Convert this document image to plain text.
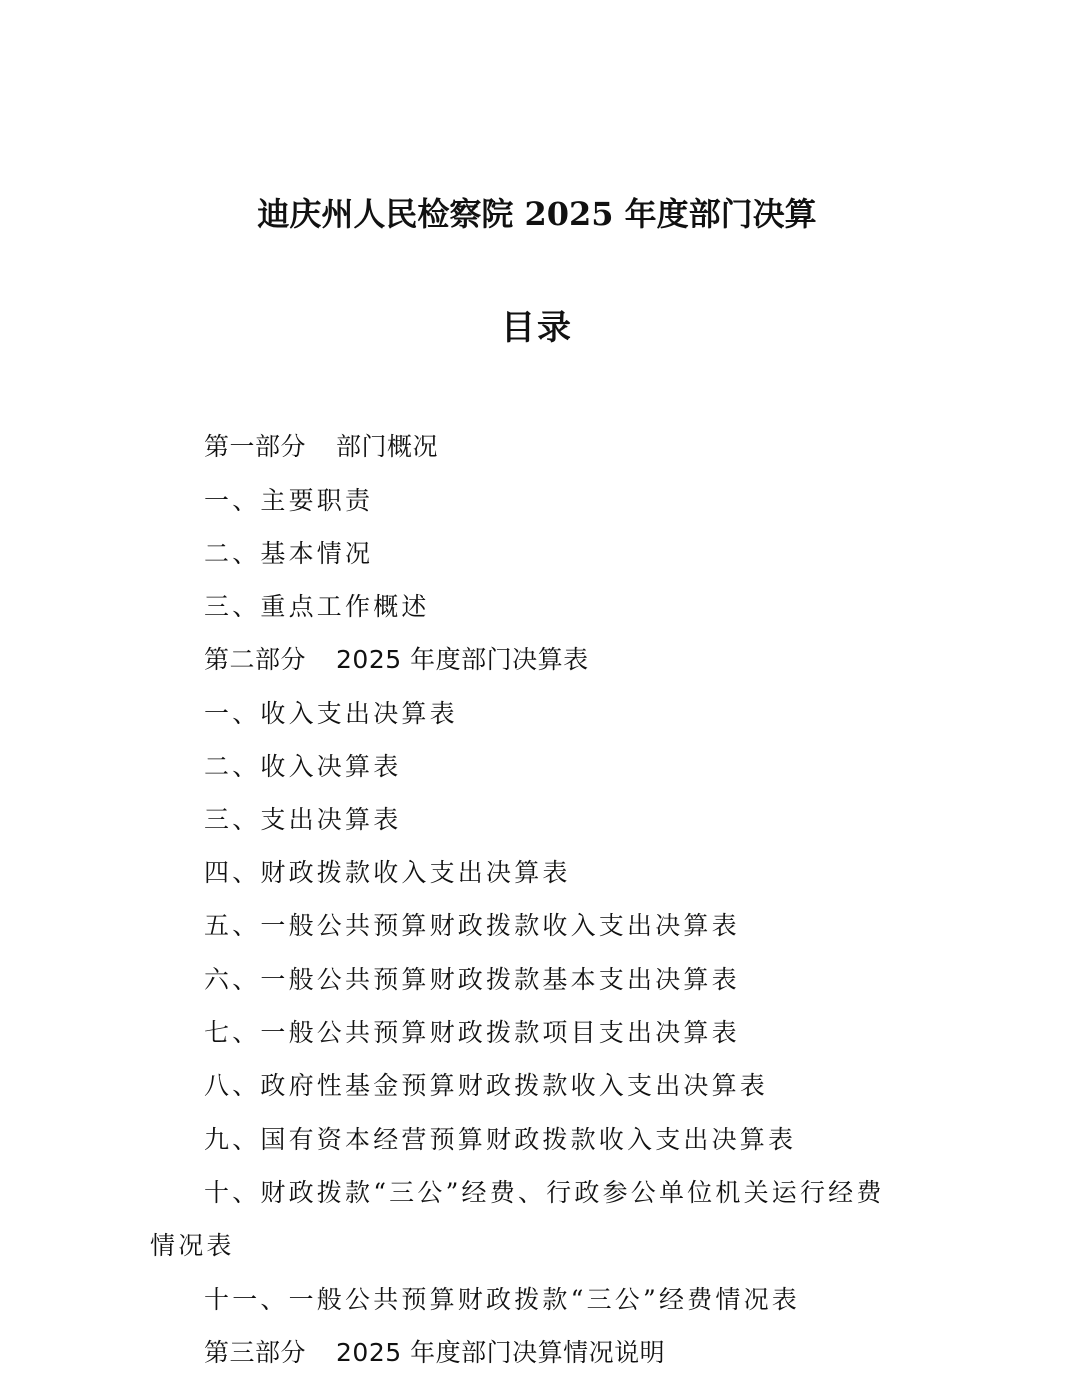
迪庆州人民检察院 2025 年度部门决算
目录
第一部分 部门概况
一、主要职责
二、基本情况
三、重点工作概述
第二部分 2025 年度部门决算表
一、收入支出决算表
二、收入决算表
三、支出决算表
四、财政拨款收入支出决算表
五、一般公共预算财政拨款收入支出决算表
六、一般公共预算财政拨款基本支出决算表
七、一般公共预算财政拨款项目支出决算表
八、政府性基金预算财政拨款收入支出决算表
九、国有资本经营预算财政拨款收入支出决算表
十、财政拨款“三公”经费、行政参公单位机关运行经费情况表
十一、一般公共预算财政拨款“三公”经费情况表
第三部分 2025 年度部门决算情况说明
